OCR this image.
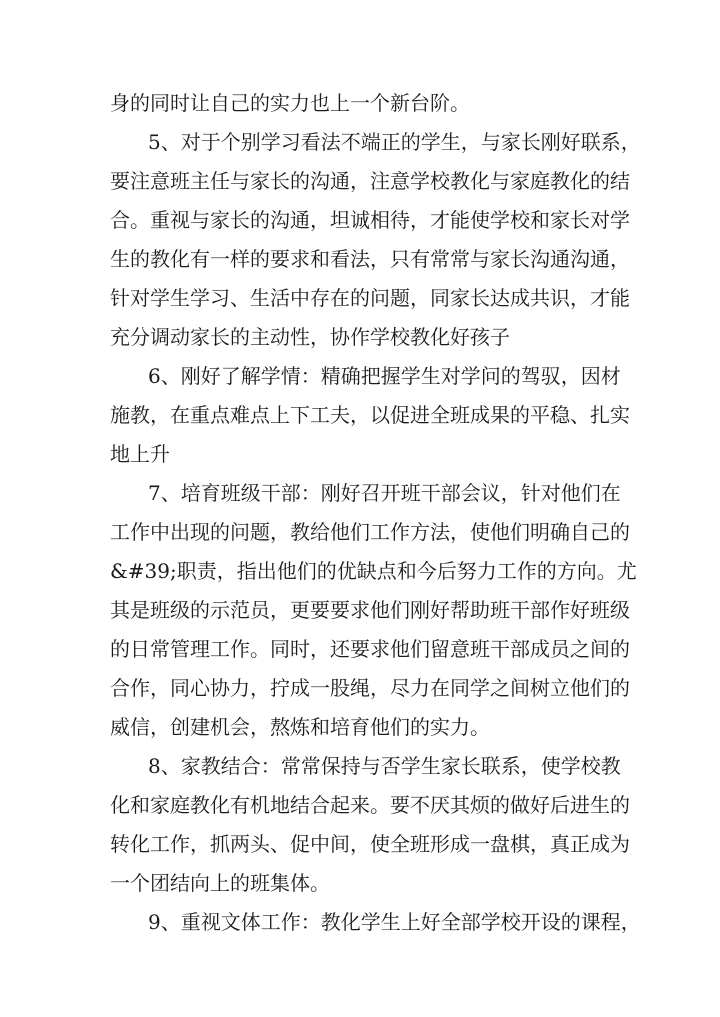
身的同时让自己的实力也上一个新台阶。
5、对于个别学习看法不端正的学生，与家长刚好联系，
要注意班主任与家长的沟通，注意学校教化与家庭教化的结
合。重视与家长的沟通，坦诚相待，才能使学校和家长对学
生的教化有一样的要求和看法，只有常常与家长沟通沟通，
针对学生学习、生活中存在的问题，同家长达成共识，才能
充分调动家长的主动性，协作学校教化好孩子
6、刚好了解学情：精确把握学生对学问的驾驭，因材
施教，在重点难点上下工夫，以促进全班成果的平稳、扎实
地上升
7、培育班级干部：刚好召开班干部会议，针对他们在
工作中出现的问题，教给他们工作方法，使他们明确自己的
&#39;职责，指出他们的优缺点和今后努力工作的方向。尤
其是班级的示范员，更要要求他们刚好帮助班干部作好班级
的日常管理工作。同时，还要求他们留意班干部成员之间的
合作，同心协力，拧成一股绳，尽力在同学之间树立他们的
威信，创建机会，熬炼和培育他们的实力。
8、家教结合：常常保持与否学生家长联系，使学校教
化和家庭教化有机地结合起来。要不厌其烦的做好后进生的
转化工作，抓两头、促中间，使全班形成一盘棋，真正成为
一个团结向上的班集体。
9、重视文体工作：教化学生上好全部学校开设的课程，
